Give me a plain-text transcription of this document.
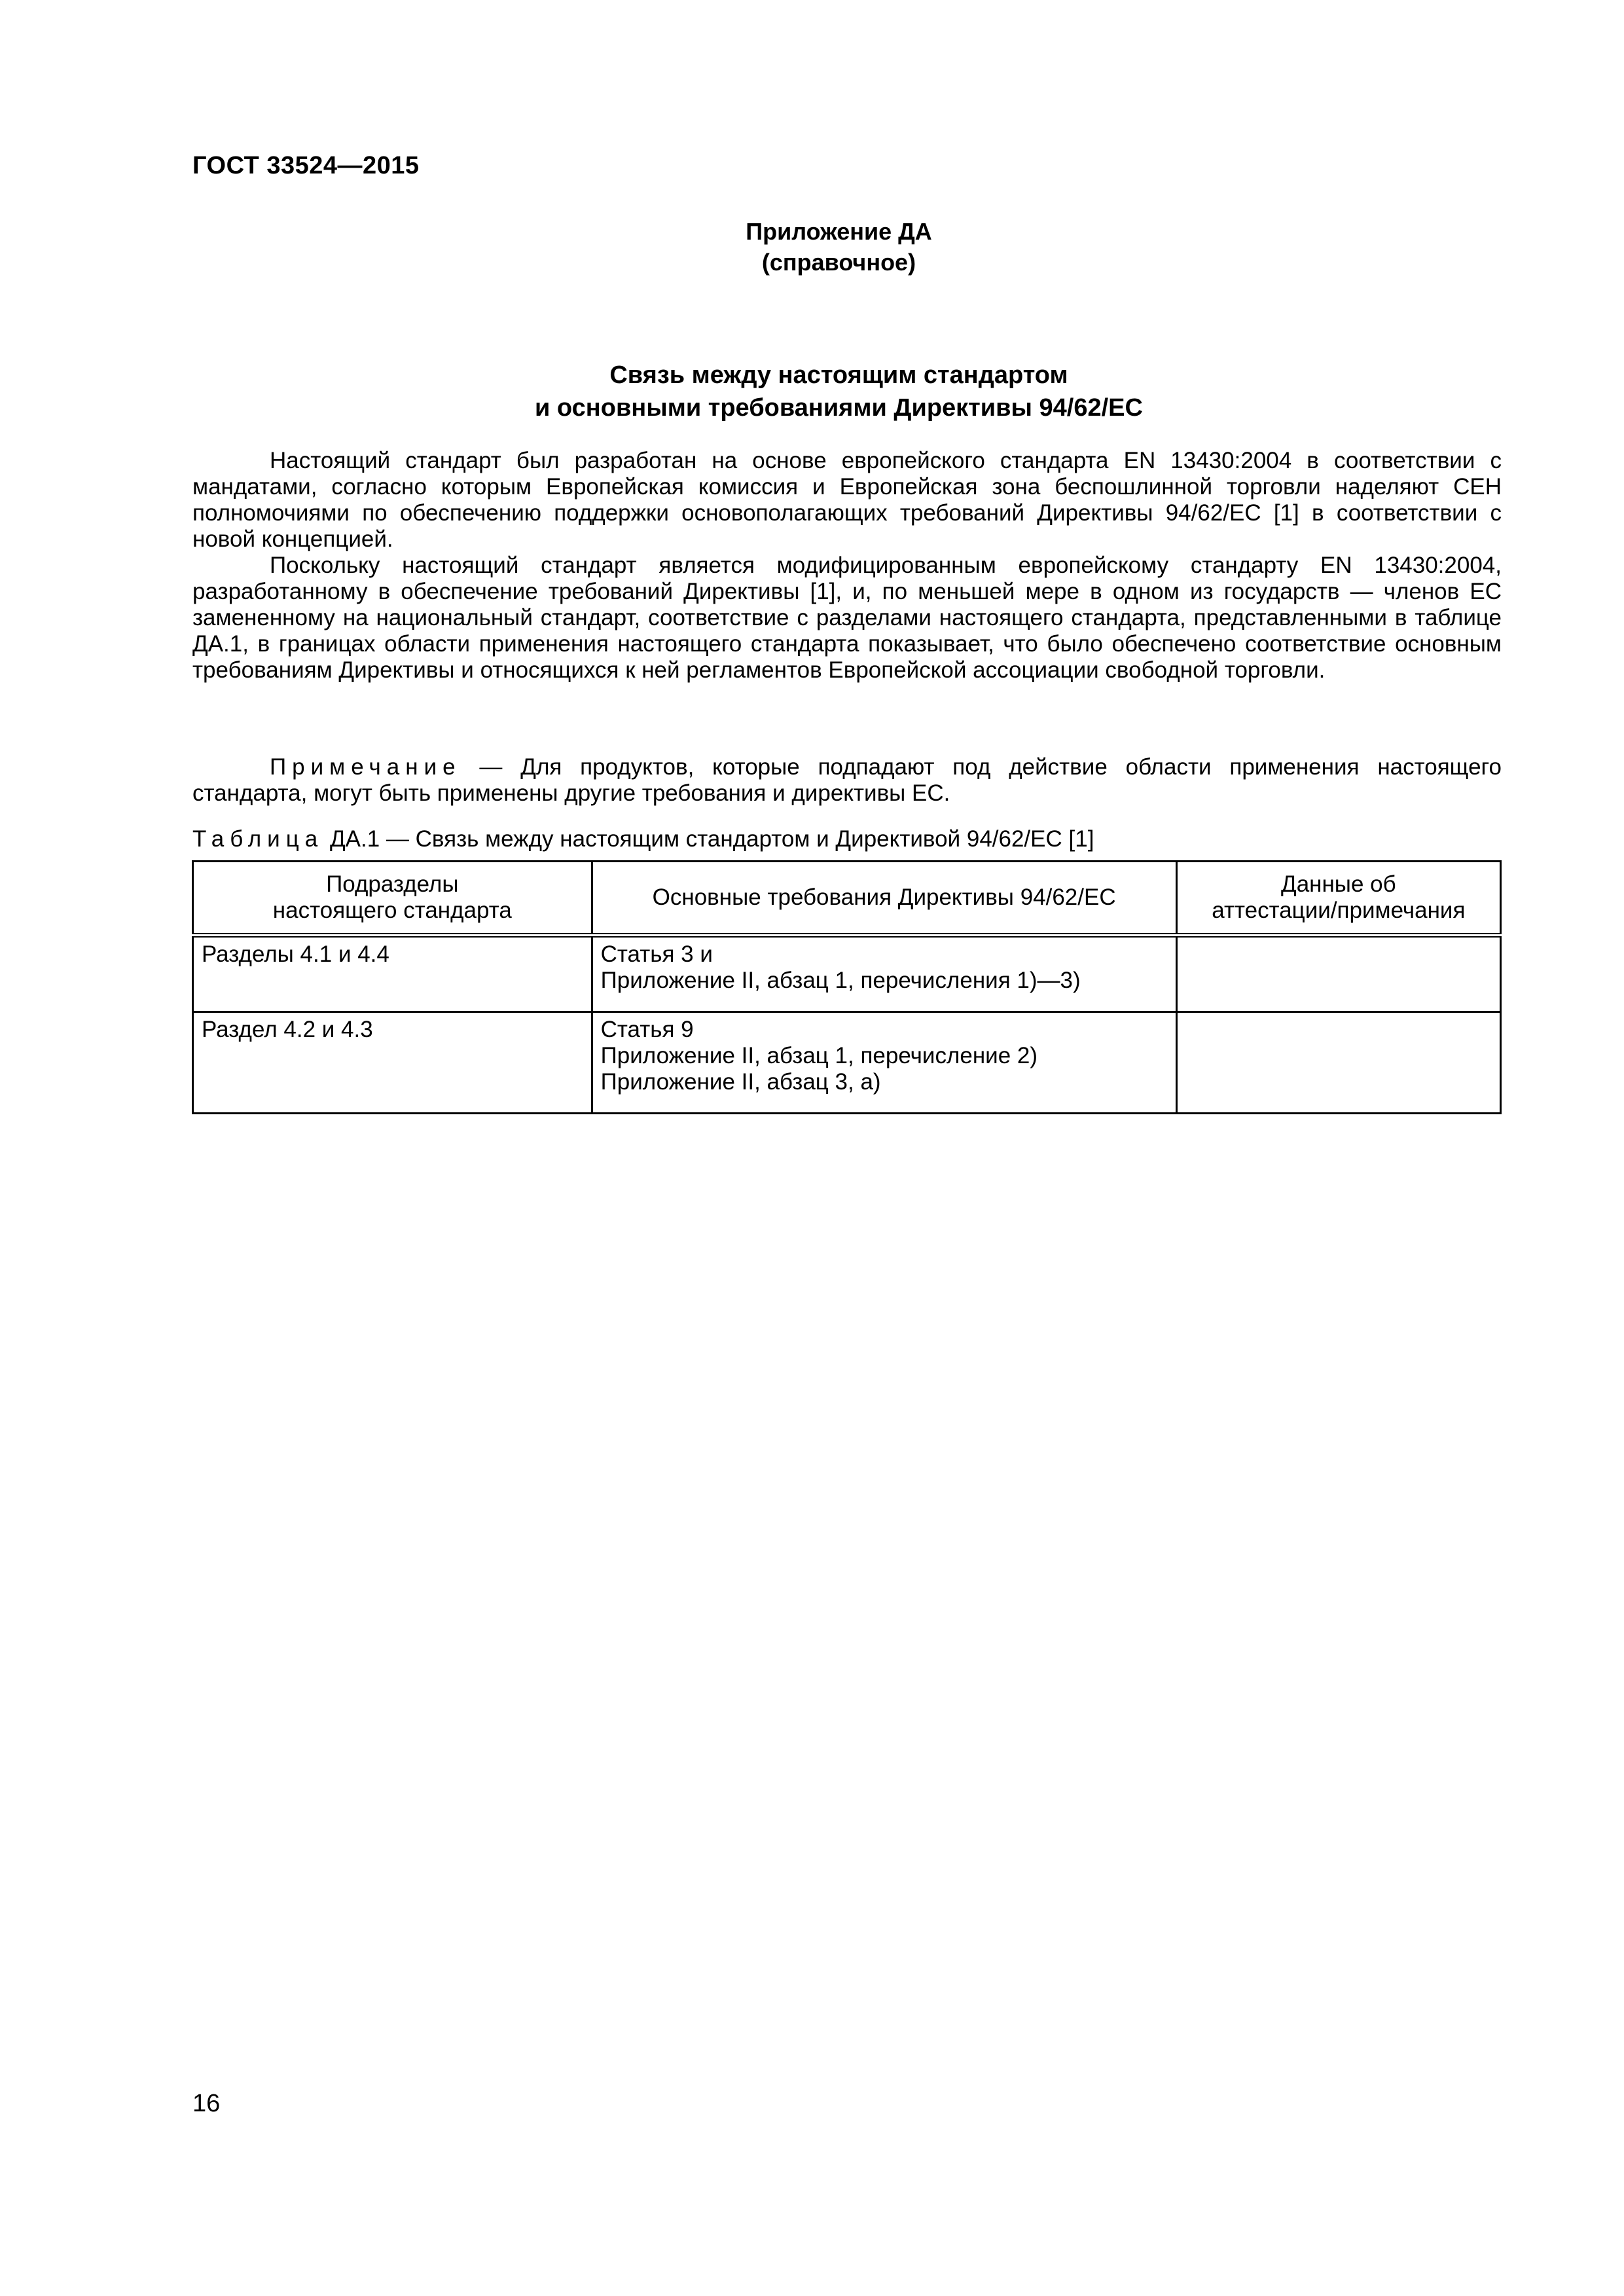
ГОСТ 33524—2015
Приложение ДА
(справочное)
Связь между настоящим стандартом
и основными требованиями Директивы 94/62/ЕС

Настоящий стандарт был разработан на основе европейского стандарта EN 13430:2004 в соответствии с мандатами, согласно которым Европейская комиссия и Европейская зона беспошлинной торговли наделяют СЕН полномочиями по обеспечению поддержки основополагающих требований Директивы 94/62/ЕС [1] в соответствии с новой концепцией.

Поскольку настоящий стандарт является модифицированным европейскому стандарту EN 13430:2004, разработанному в обеспечение требований Директивы [1], и, по меньшей мере в одном из государств — членов ЕС замененному на национальный стандарт, соответствие с разделами настоящего стандарта, представленными в таблице ДА.1, в границах области применения настоящего стандарта показывает, что было обеспечено соответствие основным требованиям Директивы и относящихся к ней регламентов Европейской ассоциации свободной торговли.

Примечание — Для продуктов, которые подпадают под действие области применения настоящего стандарта, могут быть применены другие требования и директивы ЕС.
Таблица ДА.1 — Связь между настоящим стандартом и Директивой 94/62/ЕС [1]
Подразделы
настоящего стандарта	Основные требования Директивы 94/62/ЕС	Данные об
аттестации/примечания

Разделы 4.1 и 4.4	Статья 3 и
Приложение II, абзац 1, перечисления 1)—3)	

Раздел 4.2 и 4.3	Статья 9
Приложение II, абзац 1, перечисление 2)
Приложение II, абзац 3, а)	

16
